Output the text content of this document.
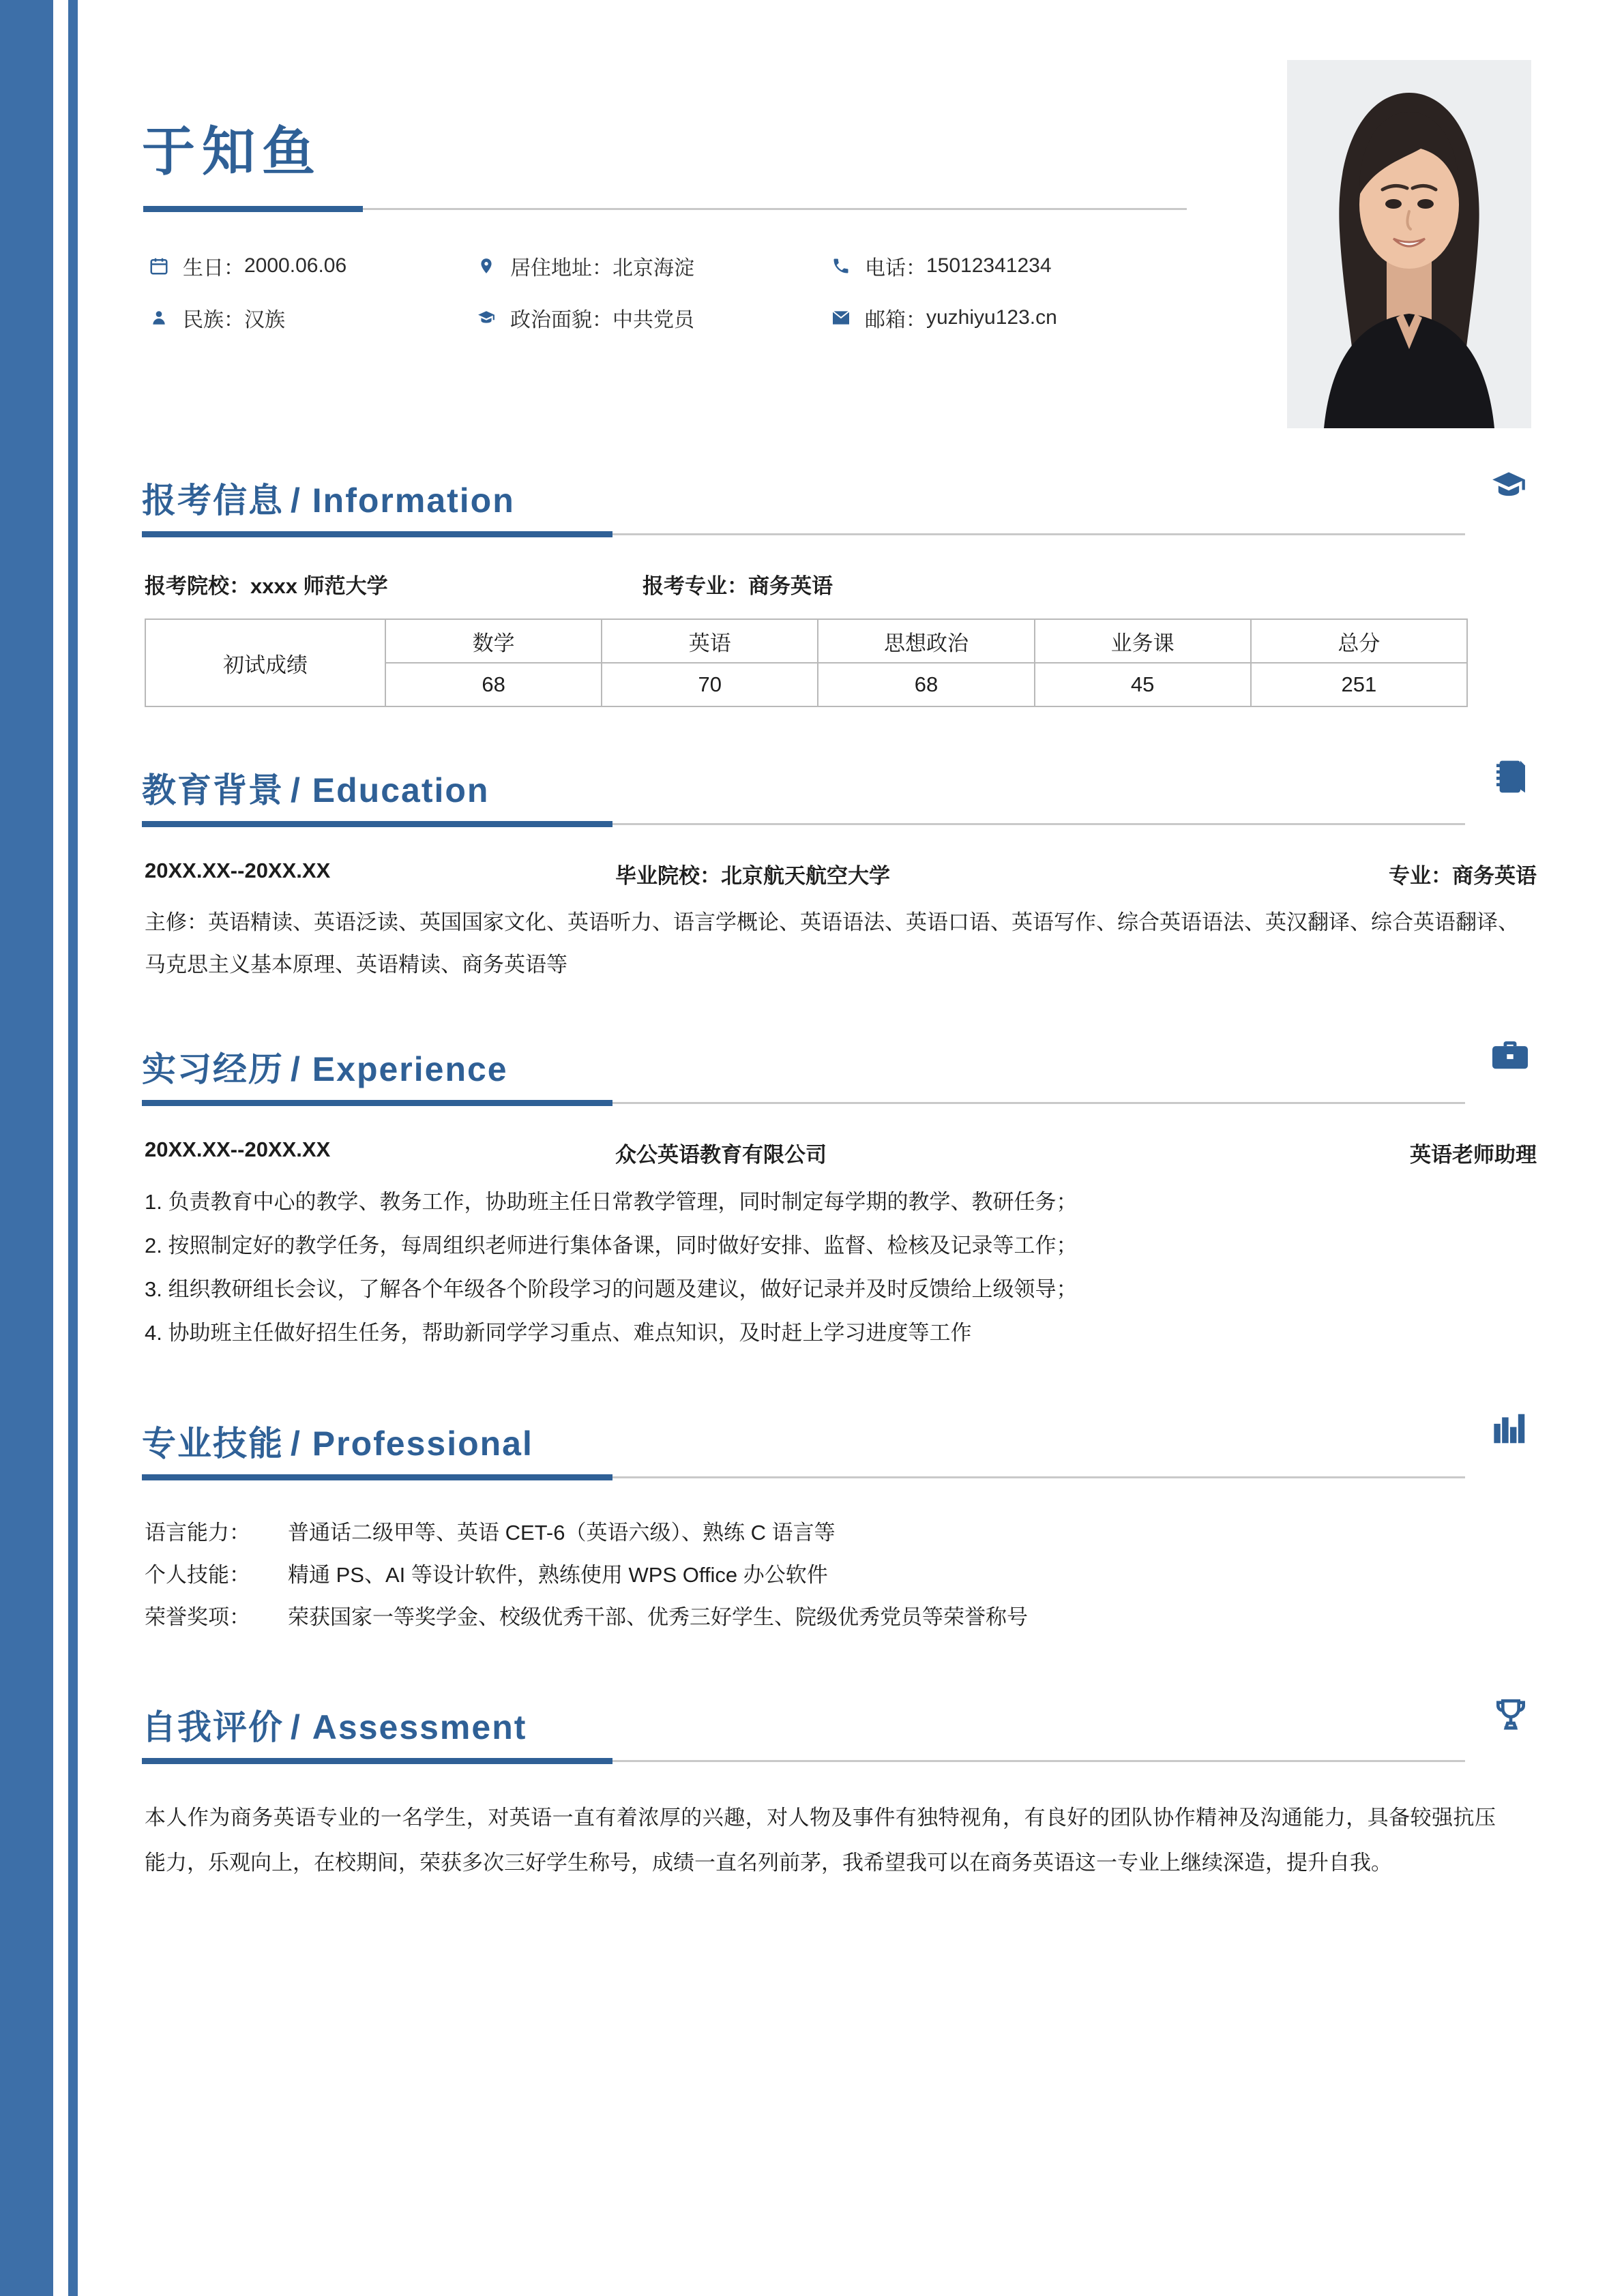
于知鱼
生日： 2000.06.06	居住地址： 北京海淀	电话： 15012341234
民族： 汉族	政治面貌： 中共党员	邮箱： yuzhiyu123.cn
报考信息 / Information
报考院校：xxxx 师范大学	报考专业：商务英语
初试成绩	数学	英语	思想政治	业务课	总分
	68	70	68	45	251
教育背景 / Education
20XX.XX--20XX.XX	毕业院校：北京航天航空大学	专业：商务英语

主修：英语精读、英语泛读、英国国家文化、英语听力、语言学概论、英语语法、英语口语、英语写作、综合英语语法、英汉翻译、综合英语翻译、马克思主义基本原理、英语精读、商务英语等

实习经历 / Experience
20XX.XX--20XX.XX	众公英语教育有限公司	英语老师助理
1. 负责教育中心的教学、教务工作，协助班主任日常教学管理，同时制定每学期的教学、教研任务；
2. 按照制定好的教学任务，每周组织老师进行集体备课，同时做好安排、监督、检核及记录等工作；
3. 组织教研组长会议，了解各个年级各个阶段学习的问题及建议，做好记录并及时反馈给上级领导；
4. 协助班主任做好招生任务，帮助新同学学习重点、难点知识，及时赶上学习进度等工作
专业技能 / Professional
语言能力：	普通话二级甲等、英语 CET-6（英语六级）、熟练 C 语言等
个人技能：	精通 PS、AI 等设计软件，熟练使用 WPS Office 办公软件
荣誉奖项：	荣获国家一等奖学金、校级优秀干部、优秀三好学生、院级优秀党员等荣誉称号
自我评价 / Assessment

本人作为商务英语专业的一名学生，对英语一直有着浓厚的兴趣，对人物及事件有独特视角，有良好的团队协作精神及沟通能力，具备较强抗压能力，乐观向上，在校期间，荣获多次三好学生称号，成绩一直名列前茅，我希望我可以在商务英语这一专业上继续深造，提升自我。
